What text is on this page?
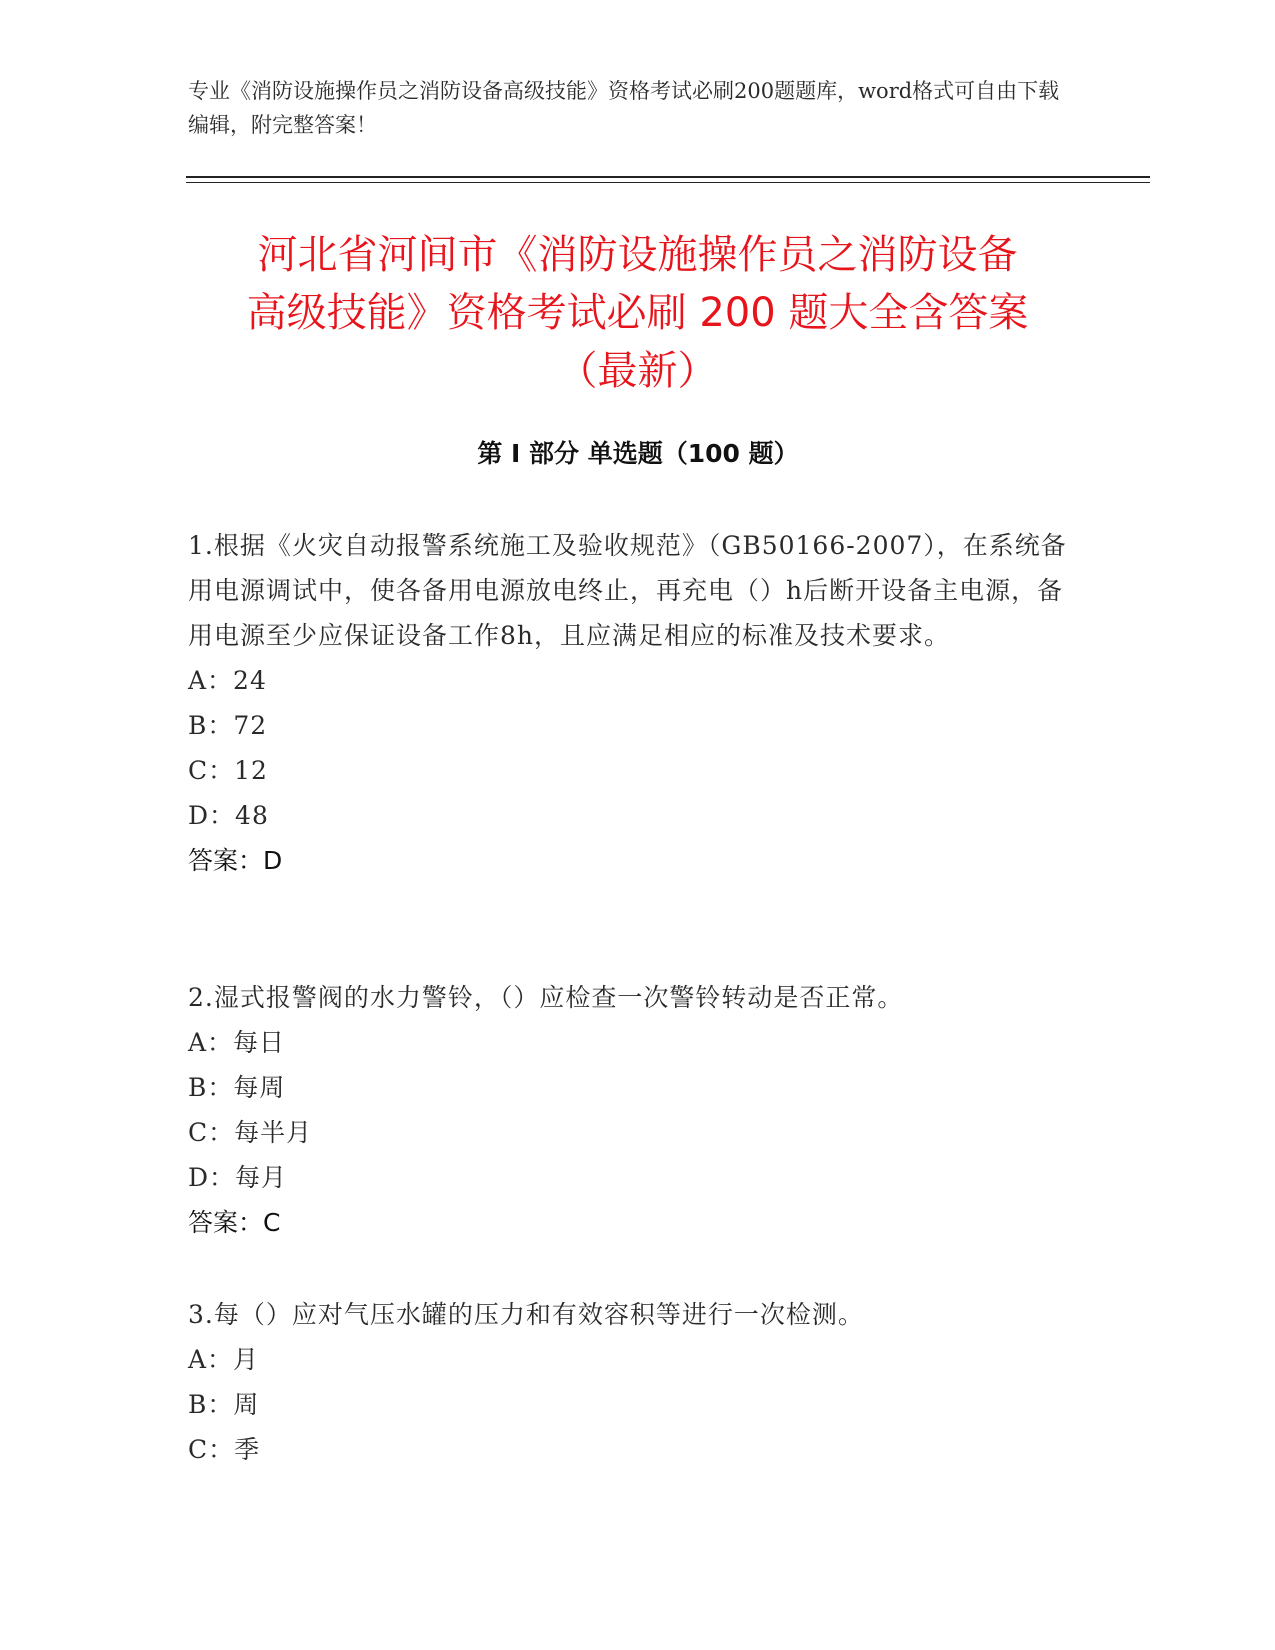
专业《消防设施操作员之消防设备高级技能》资格考试必刷200题题库，word格式可自由下载编辑，附完整答案！
河北省河间市《消防设施操作员之消防设备
高级技能》资格考试必刷 200 题大全含答案
（最新）
第 I 部分 单选题（100 题）
1.根据《火灾自动报警系统施工及验收规范》（GB50166-2007），在系统备用电源调试中，使各备用电源放电终止，再充电（）h后断开设备主电源，备用电源至少应保证设备工作8h，且应满足相应的标准及技术要求。
A：24
B：72
C：12
D：48
答案：D
2.湿式报警阀的水力警铃，（）应检查一次警铃转动是否正常。
A：每日
B：每周
C：每半月
D：每月
答案：C
3.每（）应对气压水罐的压力和有效容积等进行一次检测。
A：月
B：周
C：季
